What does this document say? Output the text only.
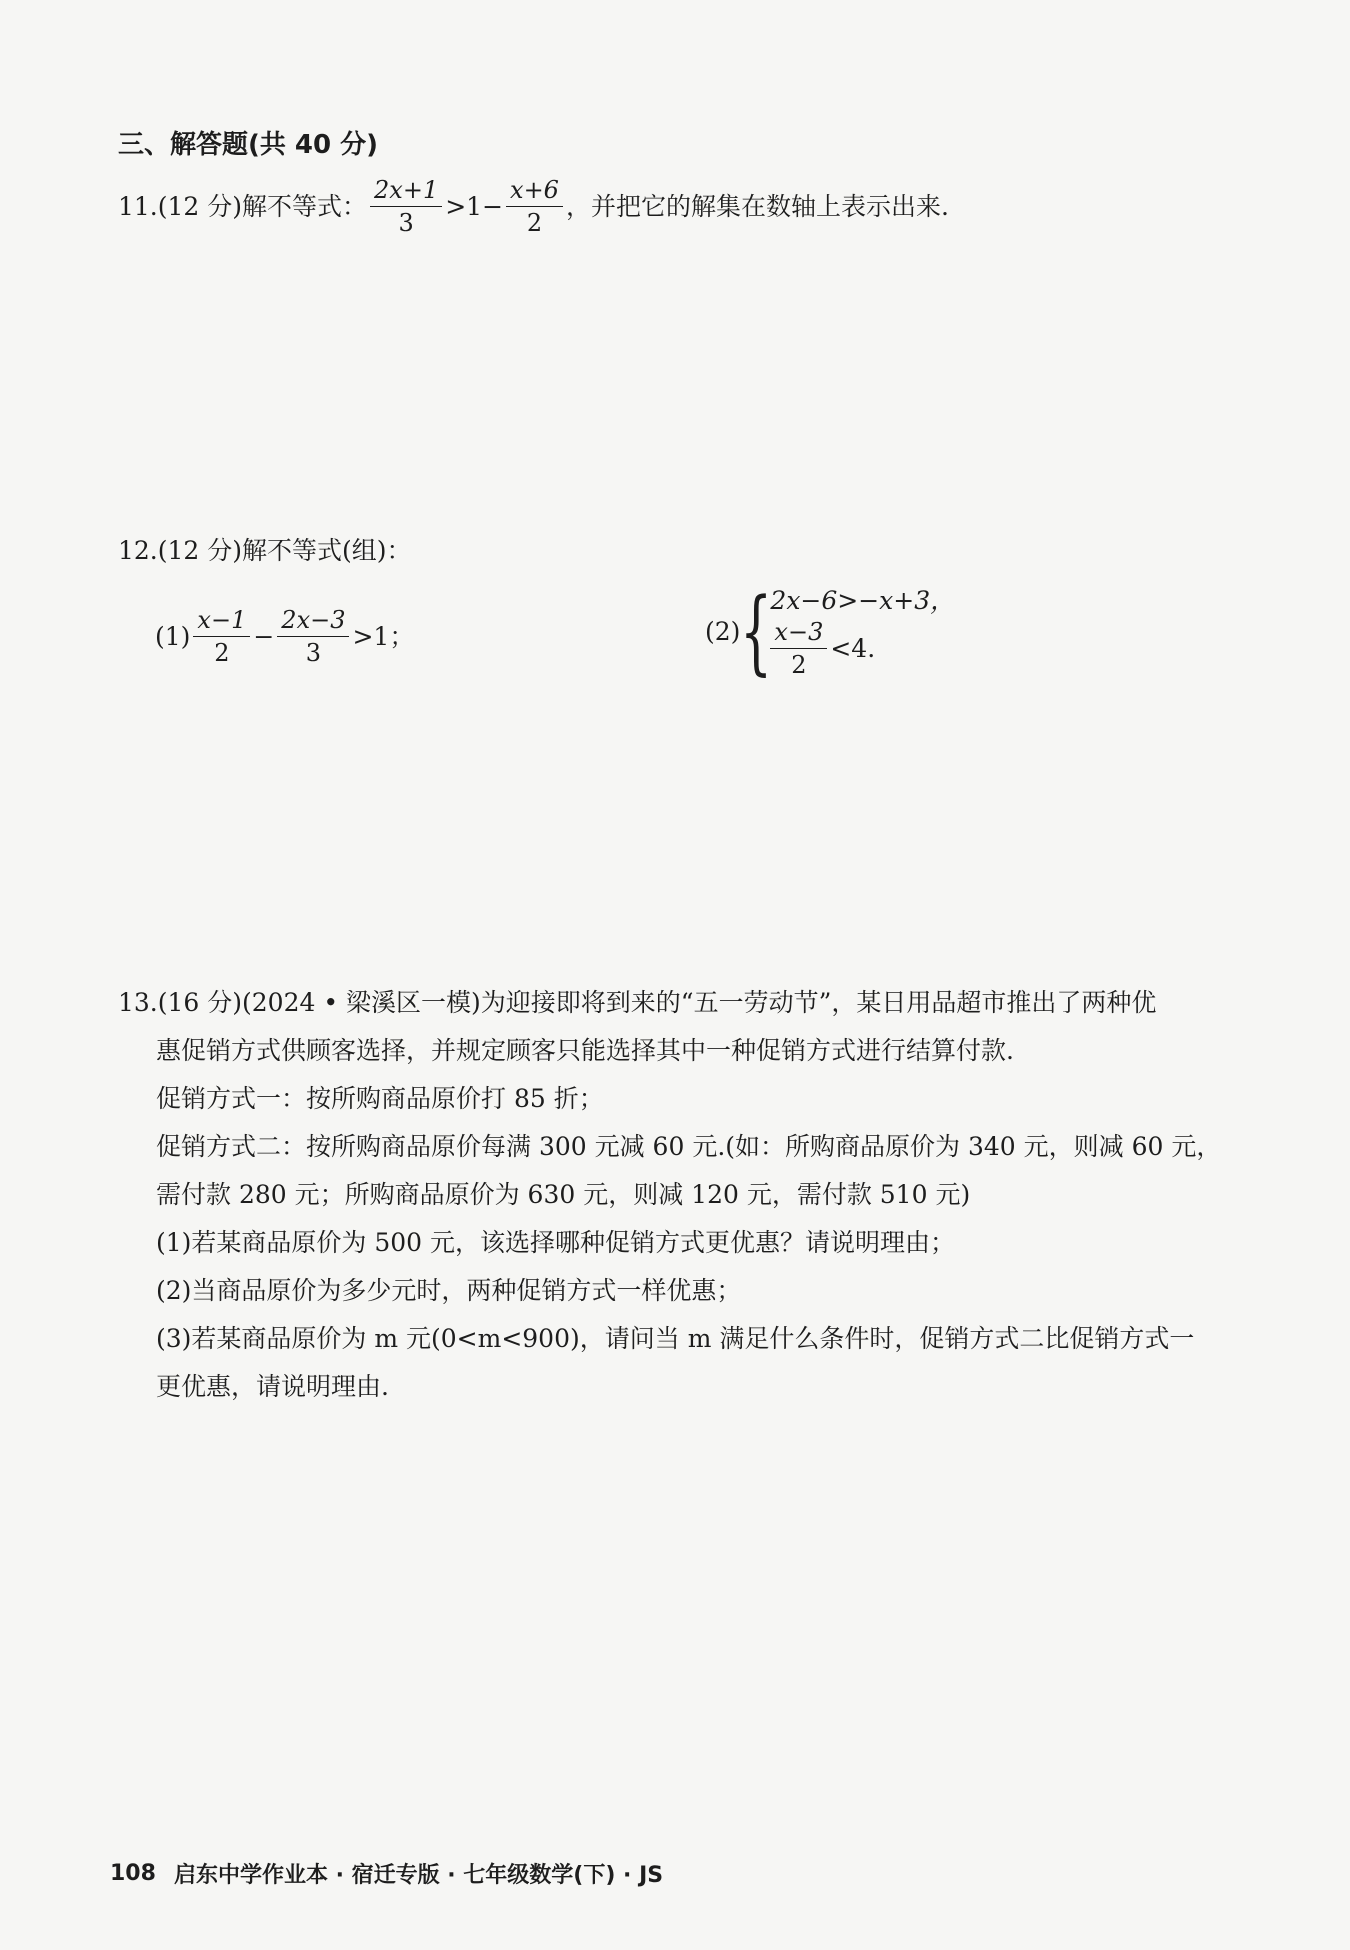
三、解答题(共 40 分)
11.(12 分)解不等式： $\frac{2x+1}{3} >1- \frac{x+6}{2}$ ，并把它的解集在数轴上表示出来.
12.(12 分)解不等式(组)：
$(1) \frac{x-1}{2} - \frac{2x-3}{3} >1$；	(2) {
2x−6>−x+3，
$\frac{x-3}{2} <4$.
13.(16 分)(2024 • 梁溪区一模)为迎接即将到来的“五一劳动节”，某日用品超市推出了两种优
惠促销方式供顾客选择，并规定顾客只能选择其中一种促销方式进行结算付款.
促销方式一：按所购商品原价打 85 折；
促销方式二：按所购商品原价每满 300 元减 60 元.(如：所购商品原价为 340 元，则减 60 元，
需付款 280 元；所购商品原价为 630 元，则减 120 元，需付款 510 元)
(1)若某商品原价为 500 元，该选择哪种促销方式更优惠？请说明理由；
(2)当商品原价为多少元时，两种促销方式一样优惠；
(3)若某商品原价为 m 元(0<m<900)，请问当 m 满足什么条件时，促销方式二比促销方式一
更优惠，请说明理由.
108 启东中学作业本 · 宿迁专版 · 七年级数学(下) · JS
